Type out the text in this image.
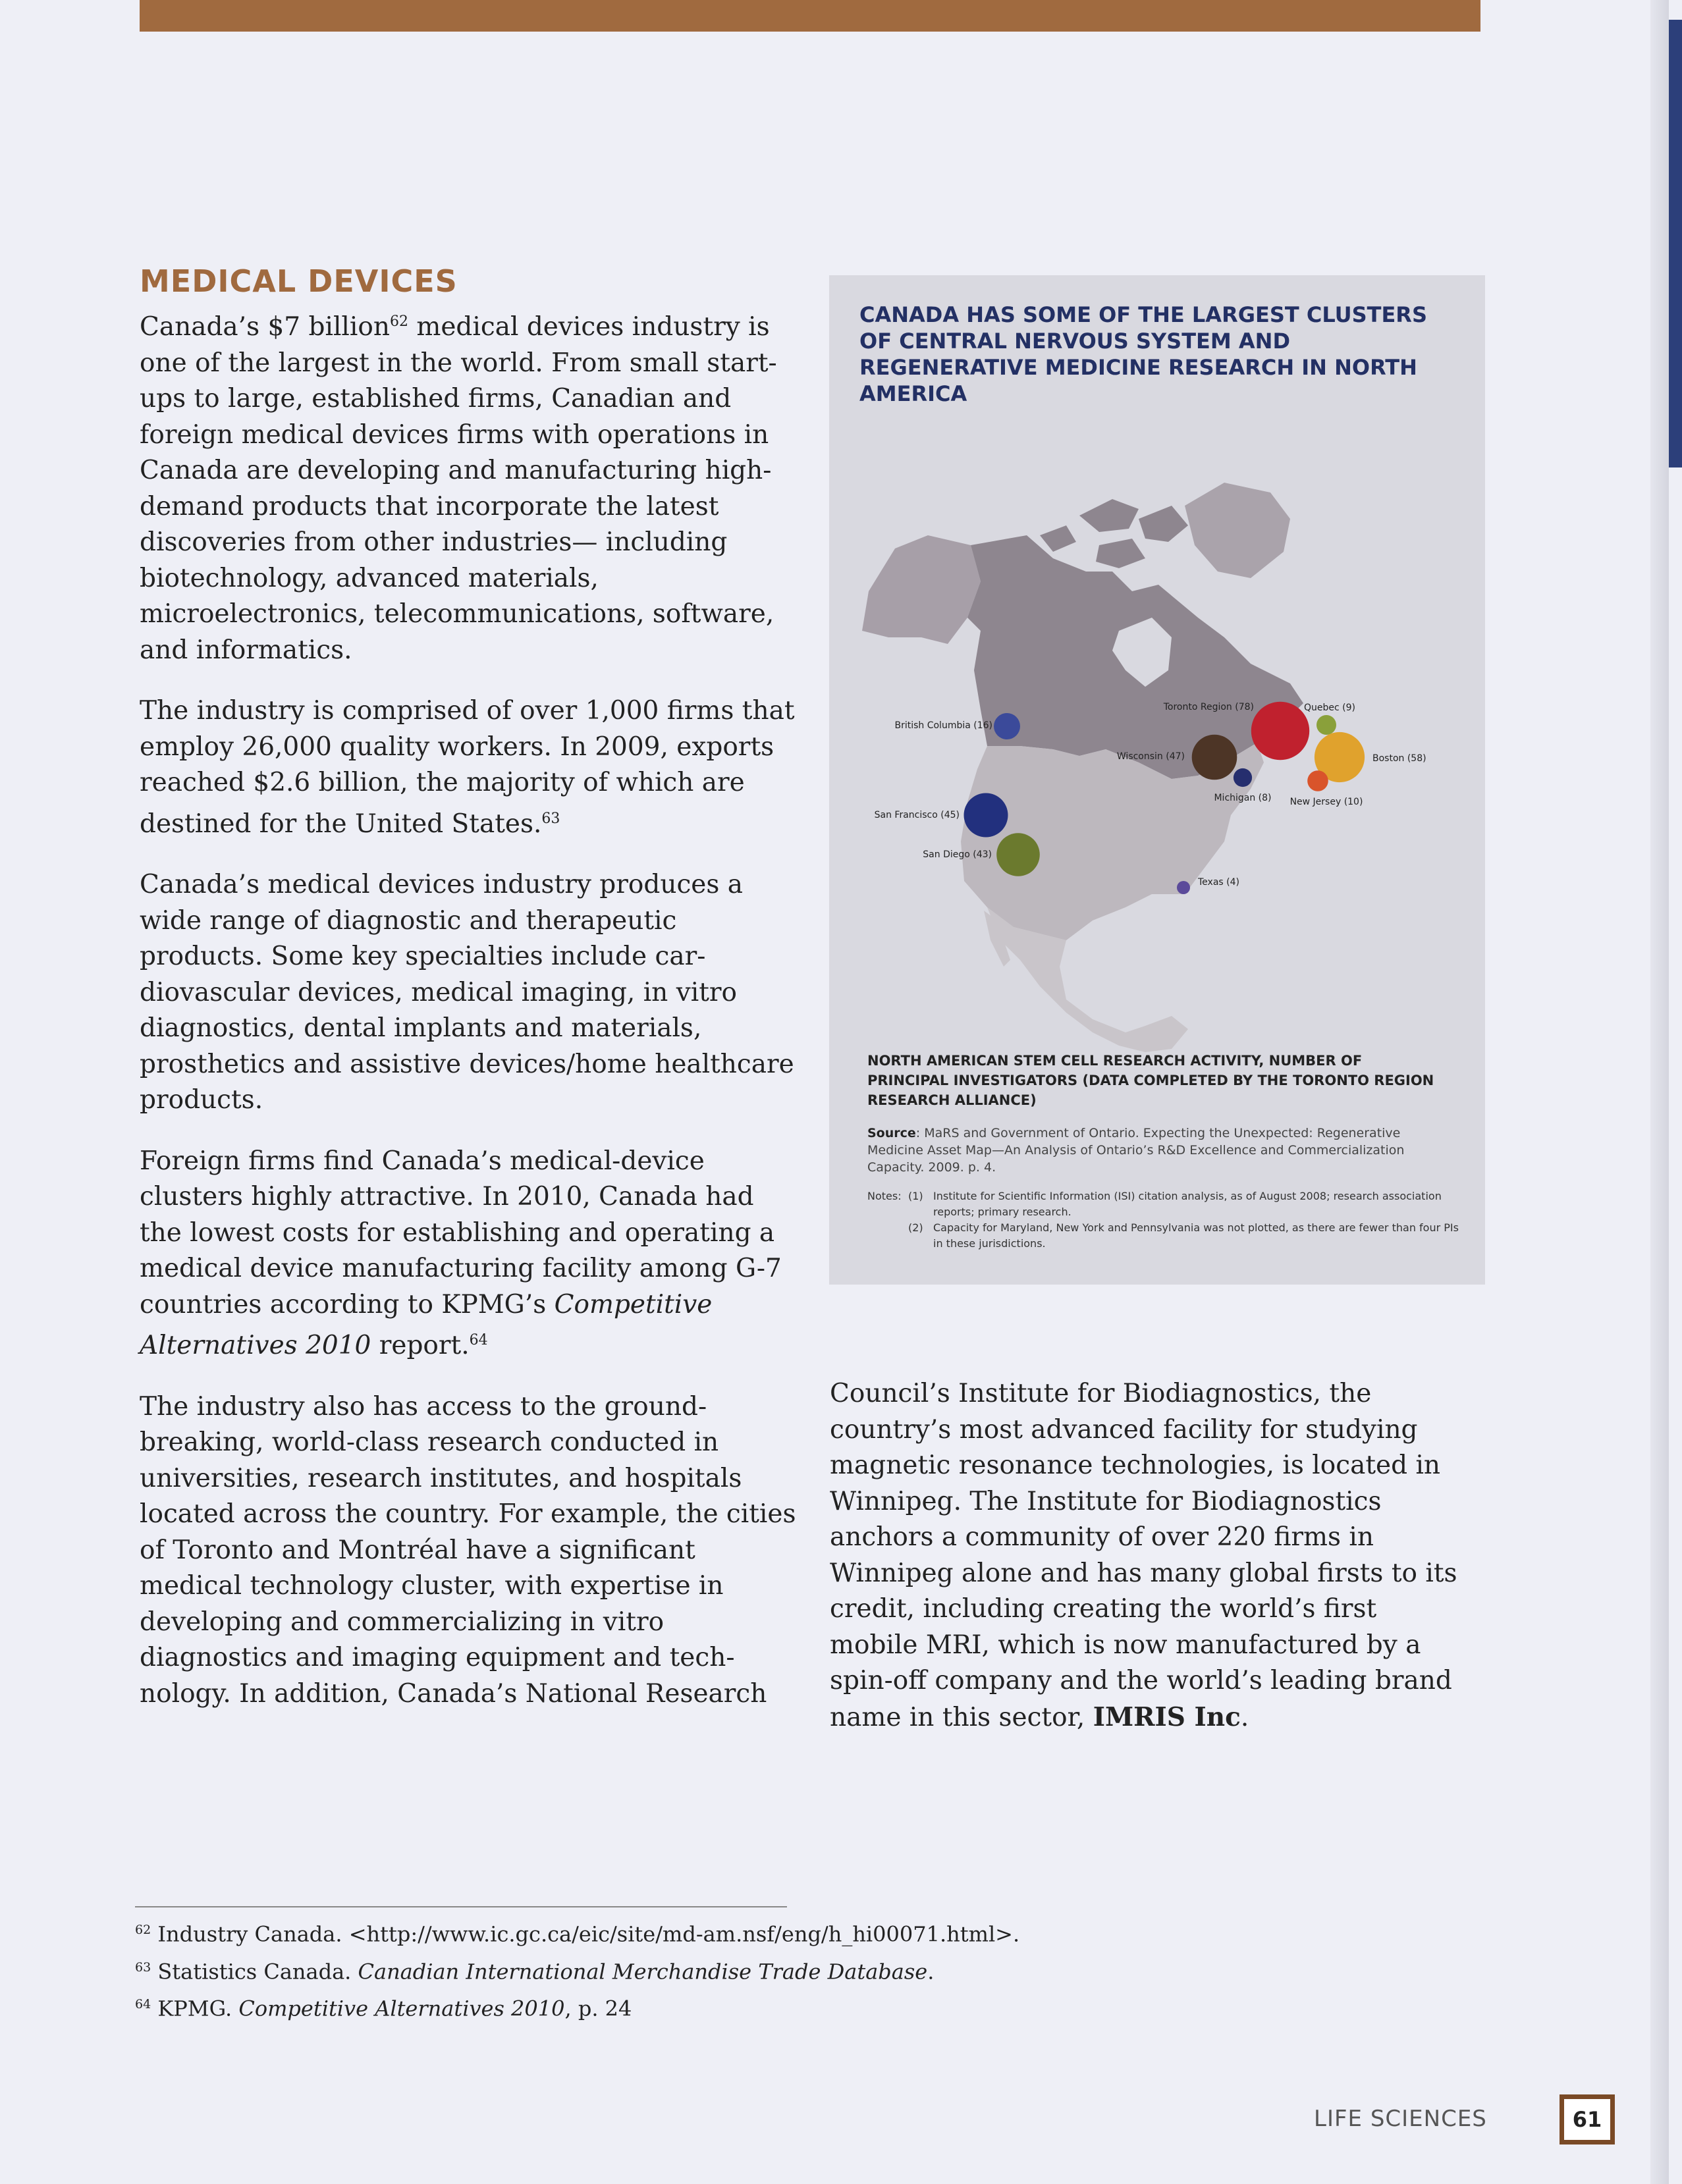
MEDICAL DEVICES

Canada’s $7 billion$^{62}$ medical devices industry is one of the largest in the world. From small start-ups to large, established firms, Canadian and foreign medical devices firms with operations in Canada are developing and manufacturing high-demand products that incorporate the latest discoveries from other industries— including biotechnology, advanced materials, microelectronics, telecommunications, software, and informatics.

The industry is comprised of over 1,000 firms that employ 26,000 quality workers. In 2009, exports reached $2.6 billion, the majority of which are destined for the United States.$^{63}$

Canada’s medical devices industry produces a wide range of diagnostic and therapeutic products. Some key specialties include cardiovascular devices, medical imaging, in vitro diagnostics, dental implants and materials, prosthetics and assistive devices/home healthcare products.

Foreign firms find Canada’s medical-device clusters highly attractive. In 2010, Canada had the lowest costs for establishing and operating a medical device manufacturing facility among G-7 countries according to KPMG’s Competitive Alternatives 2010 report.$^{64}$

The industry also has access to the groundbreaking, world-class research conducted in universities, research institutes, and hospitals located across the country. For example, the cities of Toronto and Montréal have a significant medical technology cluster, with expertise in developing and commercializing in vitro diagnostics and imaging equipment and technology. In addition, Canada’s National Research

CANADA HAS SOME OF THE LARGEST CLUSTERS OF CENTRAL NERVOUS SYSTEM AND REGENERATIVE MEDICINE RESEARCH IN NORTH AMERICA
British Columbia (16)
Toronto Region (78)	Quebec (9)
Boston (58)
Wisconsin (47)
Michigan (8) New Jersey (10)
San Francisco (45)
San Diego (43)
Texas (4)

NORTH AMERICAN STEM CELL RESEARCH ACTIVITY, NUMBER OF PRINCIPAL INVESTIGATORS (DATA COMPLETED BY THE TORONTO REGION RESEARCH ALLIANCE)

Source: MaRS and Government of Ontario. Expecting the Unexpected: Regenerative Medicine Asset Map—An Analysis of Ontario’s R&D Excellence and Commercialization Capacity. 2009. p. 4.

Notes: (1) Institute for Scientific Information (ISI) citation analysis, as of August 2008; research association reports; primary research.
(2) Capacity for Maryland, New York and Pennsylvania was not plotted, as there are fewer than four PIs in these jurisdictions.

Council’s Institute for Biodiagnostics, the country’s most advanced facility for studying magnetic resonance technologies, is located in Winnipeg. The Institute for Biodiagnostics anchors a community of over 220 firms in Winnipeg alone and has many global firsts to its credit, including creating the world’s first mobile MRI, which is now manufactured by a spin-off company and the world’s leading brand name in this sector, IMRIS Inc.

$^{62}$ Industry Canada. <http://www.ic.gc.ca/eic/site/md-am.nsf/eng/h_hi00071.html>.

$^{63}$ Statistics Canada. Canadian International Merchandise Trade Database.

$^{64}$ KPMG. Competitive Alternatives 2010, p. 24

LIFE SCIENCES	61
